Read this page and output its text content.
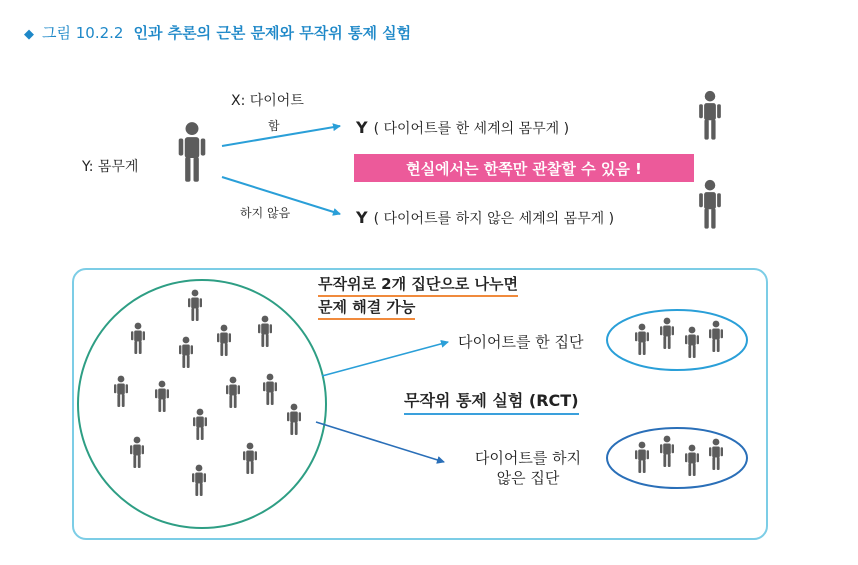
◆ 그림 10.2.2 인과 추론의 근본 문제와 무작위 통제 실험
X: 다이어트
Y: 몸무게
함
하지 않음
Y ( 다이어트를 한 세계의 몸무게 )
Y ( 다이어트를 하지 않은 세계의 몸무게 )
현실에서는 한쪽만 관찰할 수 있음 !
무작위로 2개 집단으로 나누면
문제 해결 가능
다이어트를 한 집단
다이어트를 하지
않은 집단
무작위 통제 실험 (RCT)
